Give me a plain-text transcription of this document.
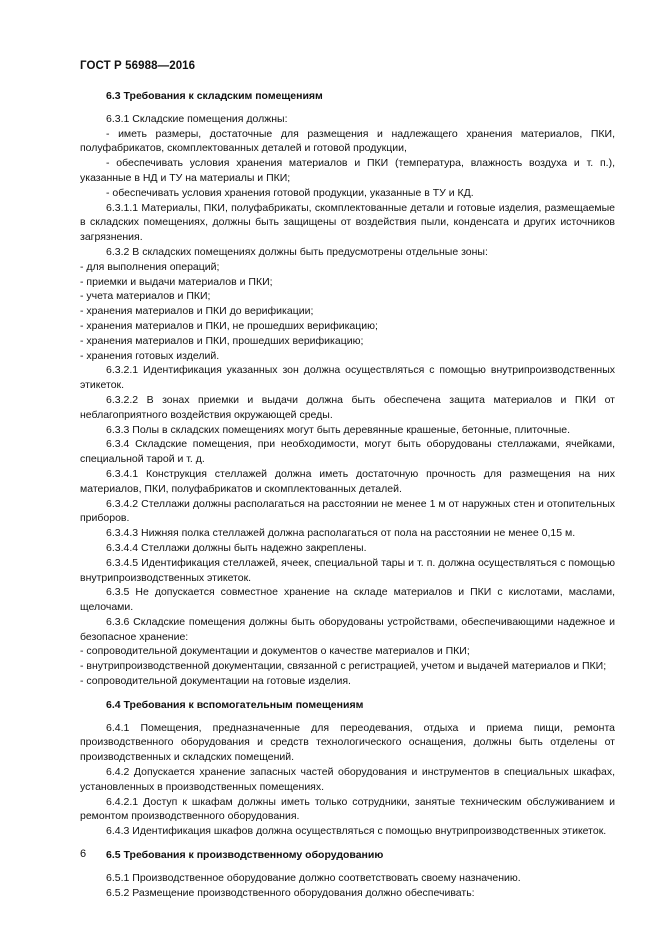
ГОСТ Р 56988—2016
6.3 Требования к складским помещениям
6.3.1 Складские помещения должны:
- иметь размеры, достаточные для размещения и надлежащего хранения материалов, ПКИ, полуфабрикатов, скомплектованных деталей и готовой продукции,
- обеспечивать условия хранения материалов и ПКИ (температура, влажность воздуха и т. п.), указанные в НД и ТУ на материалы и ПКИ;
- обеспечивать условия хранения готовой продукции, указанные в ТУ и КД.
6.3.1.1 Материалы, ПКИ, полуфабрикаты, скомплектованные детали и готовые изделия, размещаемые в складских помещениях, должны быть защищены от воздействия пыли, конденсата и других источников загрязнения.
6.3.2 В складских помещениях должны быть предусмотрены отдельные зоны:
- для выполнения операций;
- приемки и выдачи материалов и ПКИ;
- учета материалов и ПКИ;
- хранения материалов и ПКИ до верификации;
- хранения материалов и ПКИ, не прошедших верификацию;
- хранения материалов и ПКИ, прошедших верификацию;
- хранения готовых изделий.
6.3.2.1 Идентификация указанных зон должна осуществляться с помощью внутрипроизводственных этикеток.
6.3.2.2 В зонах приемки и выдачи должна быть обеспечена защита материалов и ПКИ от неблагоприятного воздействия окружающей среды.
6.3.3 Полы в складских помещениях могут быть деревянные крашеные, бетонные, плиточные.
6.3.4 Складские помещения, при необходимости, могут быть оборудованы стеллажами, ячейками, специальной тарой и т. д.
6.3.4.1 Конструкция стеллажей должна иметь достаточную прочность для размещения на них материалов, ПКИ, полуфабрикатов и скомплектованных деталей.
6.3.4.2 Стеллажи должны располагаться на расстоянии не менее 1 м от наружных стен и отопительных приборов.
6.3.4.3 Нижняя полка стеллажей должна располагаться от пола на расстоянии не менее 0,15 м.
6.3.4.4 Стеллажи должны быть надежно закреплены.
6.3.4.5 Идентификация стеллажей, ячеек, специальной тары и т. п. должна осуществляться с помощью внутрипроизводственных этикеток.
6.3.5 Не допускается совместное хранение на складе материалов и ПКИ с кислотами, маслами, щелочами.
6.3.6 Складские помещения должны быть оборудованы устройствами, обеспечивающими надежное и безопасное хранение:
- сопроводительной документации и документов о качестве материалов и ПКИ;
- внутрипроизводственной документации, связанной с регистрацией, учетом и выдачей материалов и ПКИ;
- сопроводительной документации на готовые изделия.
6.4 Требования к вспомогательным помещениям
6.4.1 Помещения, предназначенные для переодевания, отдыха и приема пищи, ремонта производственного оборудования и средств технологического оснащения, должны быть отделены от производственных и складских помещений.
6.4.2 Допускается хранение запасных частей оборудования и инструментов в специальных шкафах, установленных в производственных помещениях.
6.4.2.1 Доступ к шкафам должны иметь только сотрудники, занятые техническим обслуживанием и ремонтом производственного оборудования.
6.4.3 Идентификация шкафов должна осуществляться с помощью внутрипроизводственных этикеток.
6.5 Требования к производственному оборудованию
6.5.1 Производственное оборудование должно соответствовать своему назначению.
6.5.2 Размещение производственного оборудования должно обеспечивать:
6
